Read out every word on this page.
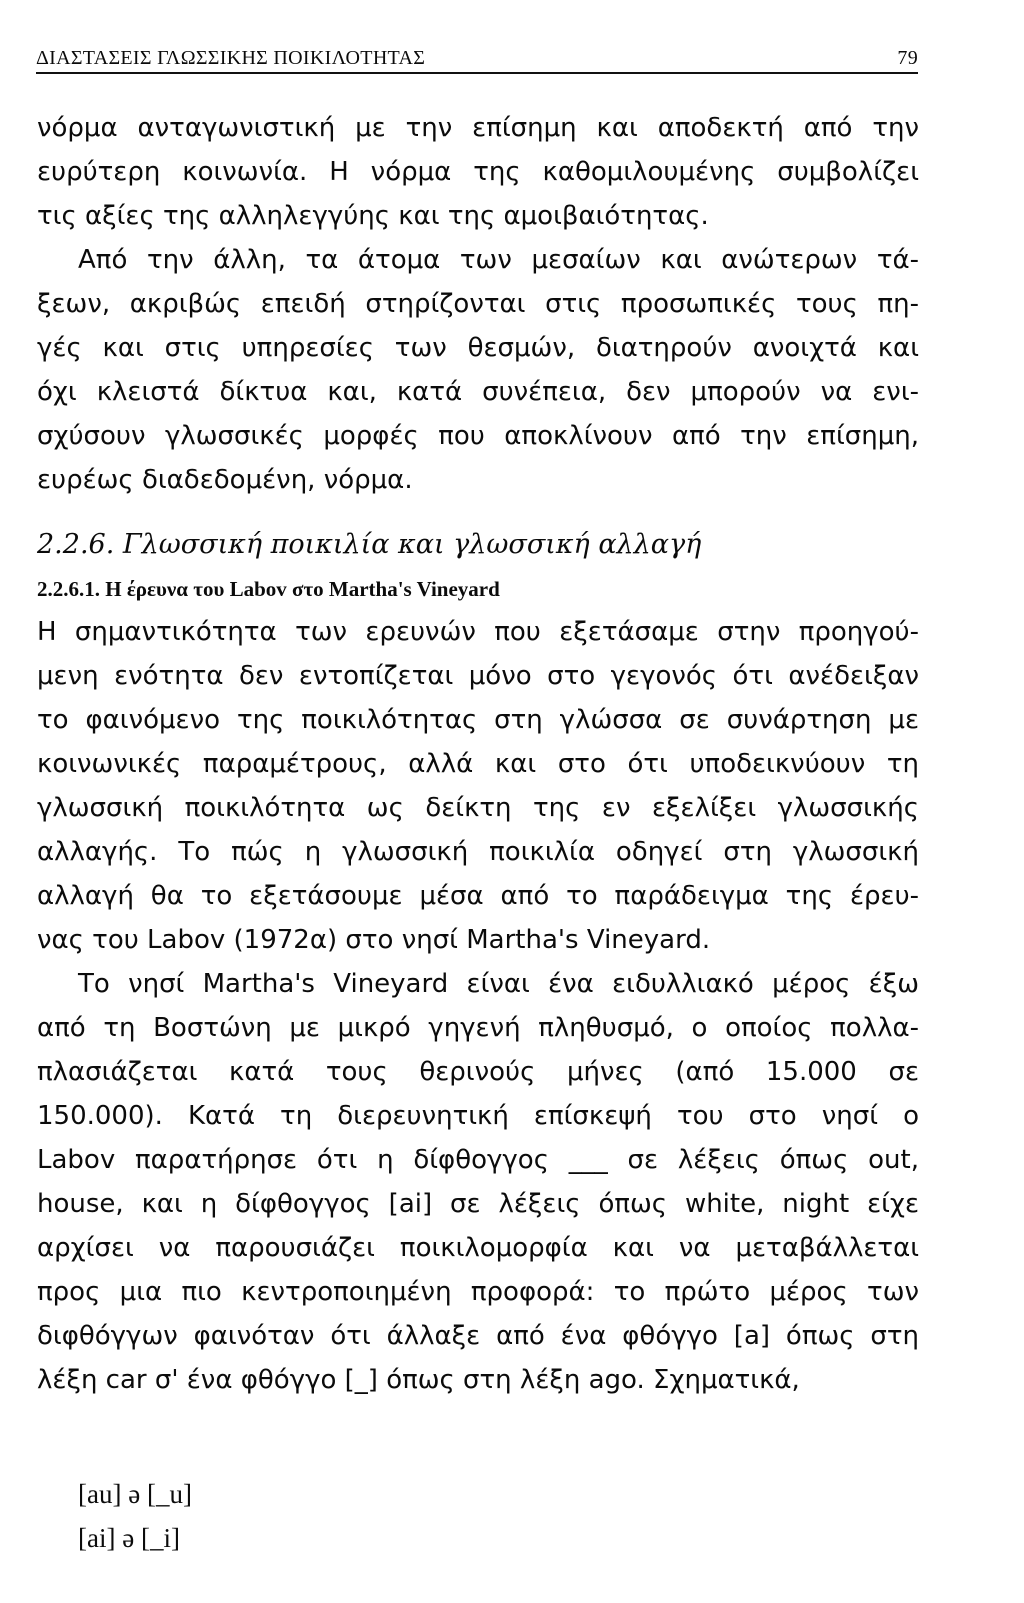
ΔΙΑΣΤΑΣΕΙΣ ΓΛΩΣΣΙΚΗΣ ΠΟΙΚΙΛΟΤΗΤΑΣ	79
νόρμα ανταγωνιστική με την επίσημη και αποδεκτή από την
ευρύτερη κοινωνία. Η νόρμα της καθομιλουμένης συμβολίζει
τις αξίες της αλληλεγγύης και της αμοιβαιότητας.
Από την άλλη, τα άτομα των μεσαίων και ανώτερων τά-
ξεων, ακριβώς επειδή στηρίζονται στις προσωπικές τους πη-
γές και στις υπηρεσίες των θεσμών, διατηρούν ανοιχτά και
όχι κλειστά δίκτυα και, κατά συνέπεια, δεν μπορούν να ενι-
σχύσουν γλωσσικές μορφές που αποκλίνουν από την επίσημη,
ευρέως διαδεδομένη, νόρμα.
2.2.6. Γλωσσική ποικιλία και γλωσσική αλλαγή
2.2.6.1. Η έρευνα του Labov στο Martha's Vineyard
Η σημαντικότητα των ερευνών που εξετάσαμε στην προηγού-
μενη ενότητα δεν εντοπίζεται μόνο στο γεγονός ότι ανέδειξαν
το φαινόμενο της ποικιλότητας στη γλώσσα σε συνάρτηση με
κοινωνικές παραμέτρους, αλλά και στο ότι υποδεικνύουν τη
γλωσσική ποικιλότητα ως δείκτη της εν εξελίξει γλωσσικής
αλλαγής. Το πώς η γλωσσική ποικιλία οδηγεί στη γλωσσική
αλλαγή θα το εξετάσουμε μέσα από το παράδειγμα της έρευ-
νας του Labov (1972α) στο νησί Martha's Vineyard.
Το νησί Martha's Vineyard είναι ένα ειδυλλιακό μέρος έξω
από τη Βοστώνη με μικρό γηγενή πληθυσμό, ο οποίος πολλα-
πλασιάζεται κατά τους θερινούς μήνες (από 15.000 σε
150.000). Κατά τη διερευνητική επίσκεψή του στο νησί ο
Labov παρατήρησε ότι η δίφθογγος ___ σε λέξεις όπως out,
house, και η δίφθογγος [ai] σε λέξεις όπως white, night είχε
αρχίσει να παρουσιάζει ποικιλομορφία και να μεταβάλλεται
προς μια πιο κεντροποιημένη προφορά: το πρώτο μέρος των
διφθόγγων φαινόταν ότι άλλαξε από ένα φθόγγο [a] όπως στη
λέξη car σ' ένα φθόγγο [_] όπως στη λέξη ago. Σχηματικά,
[au] ə [_u]
[ai] ə [_i]
